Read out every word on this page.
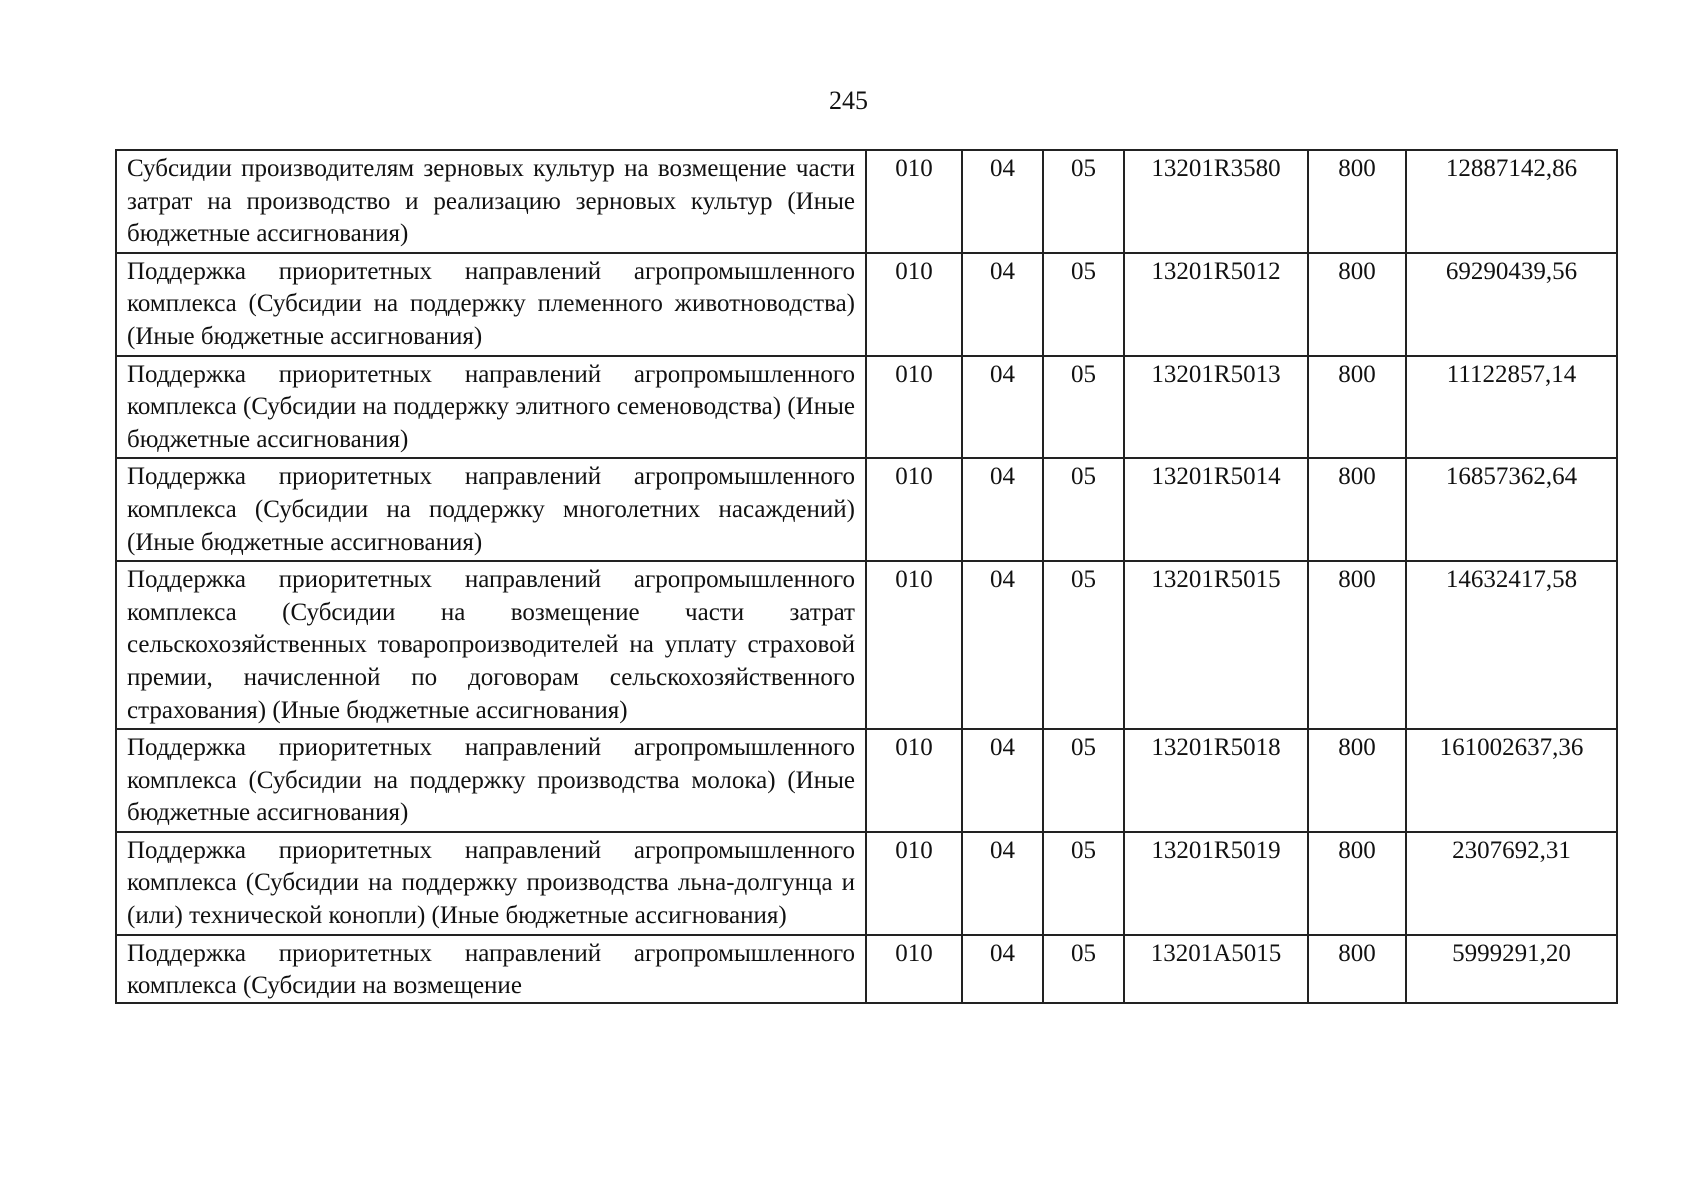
245
Субсидии производителям зерновых культур на возмещение части затрат на производство и реализацию зерновых культур (Иные бюджетные ассигнования)	010	04	05	13201R3580	800	12887142,86
Поддержка приоритетных направлений агропромышленного комплекса (Субсидии на поддержку племенного животноводства) (Иные бюджетные ассигнования)	010	04	05	13201R5012	800	69290439,56
Поддержка приоритетных направлений агропромышленного комплекса (Субсидии на поддержку элитного семеноводства) (Иные бюджетные ассигнования)	010	04	05	13201R5013	800	11122857,14
Поддержка приоритетных направлений агропромышленного комплекса (Субсидии на поддержку многолетних насаждений) (Иные бюджетные ассигнования)	010	04	05	13201R5014	800	16857362,64
Поддержка приоритетных направлений агропромышленного комплекса (Субсидии на возмещение части затрат сельскохозяйственных товаропроизводителей на уплату страховой премии, начисленной по договорам сельскохозяйственного страхования) (Иные бюджетные ассигнования)	010	04	05	13201R5015	800	14632417,58
Поддержка приоритетных направлений агропромышленного комплекса (Субсидии на поддержку производства молока) (Иные бюджетные ассигнования)	010	04	05	13201R5018	800	161002637,36
Поддержка приоритетных направлений агропромышленного комплекса (Субсидии на поддержку производства льна-долгунца и (или) технической конопли) (Иные бюджетные ассигнования)	010	04	05	13201R5019	800	2307692,31

Поддержка приоритетных направлений агропромышленного комплекса (Субсидии на возмещение	010	04	05	13201A5015	800	5999291,20
